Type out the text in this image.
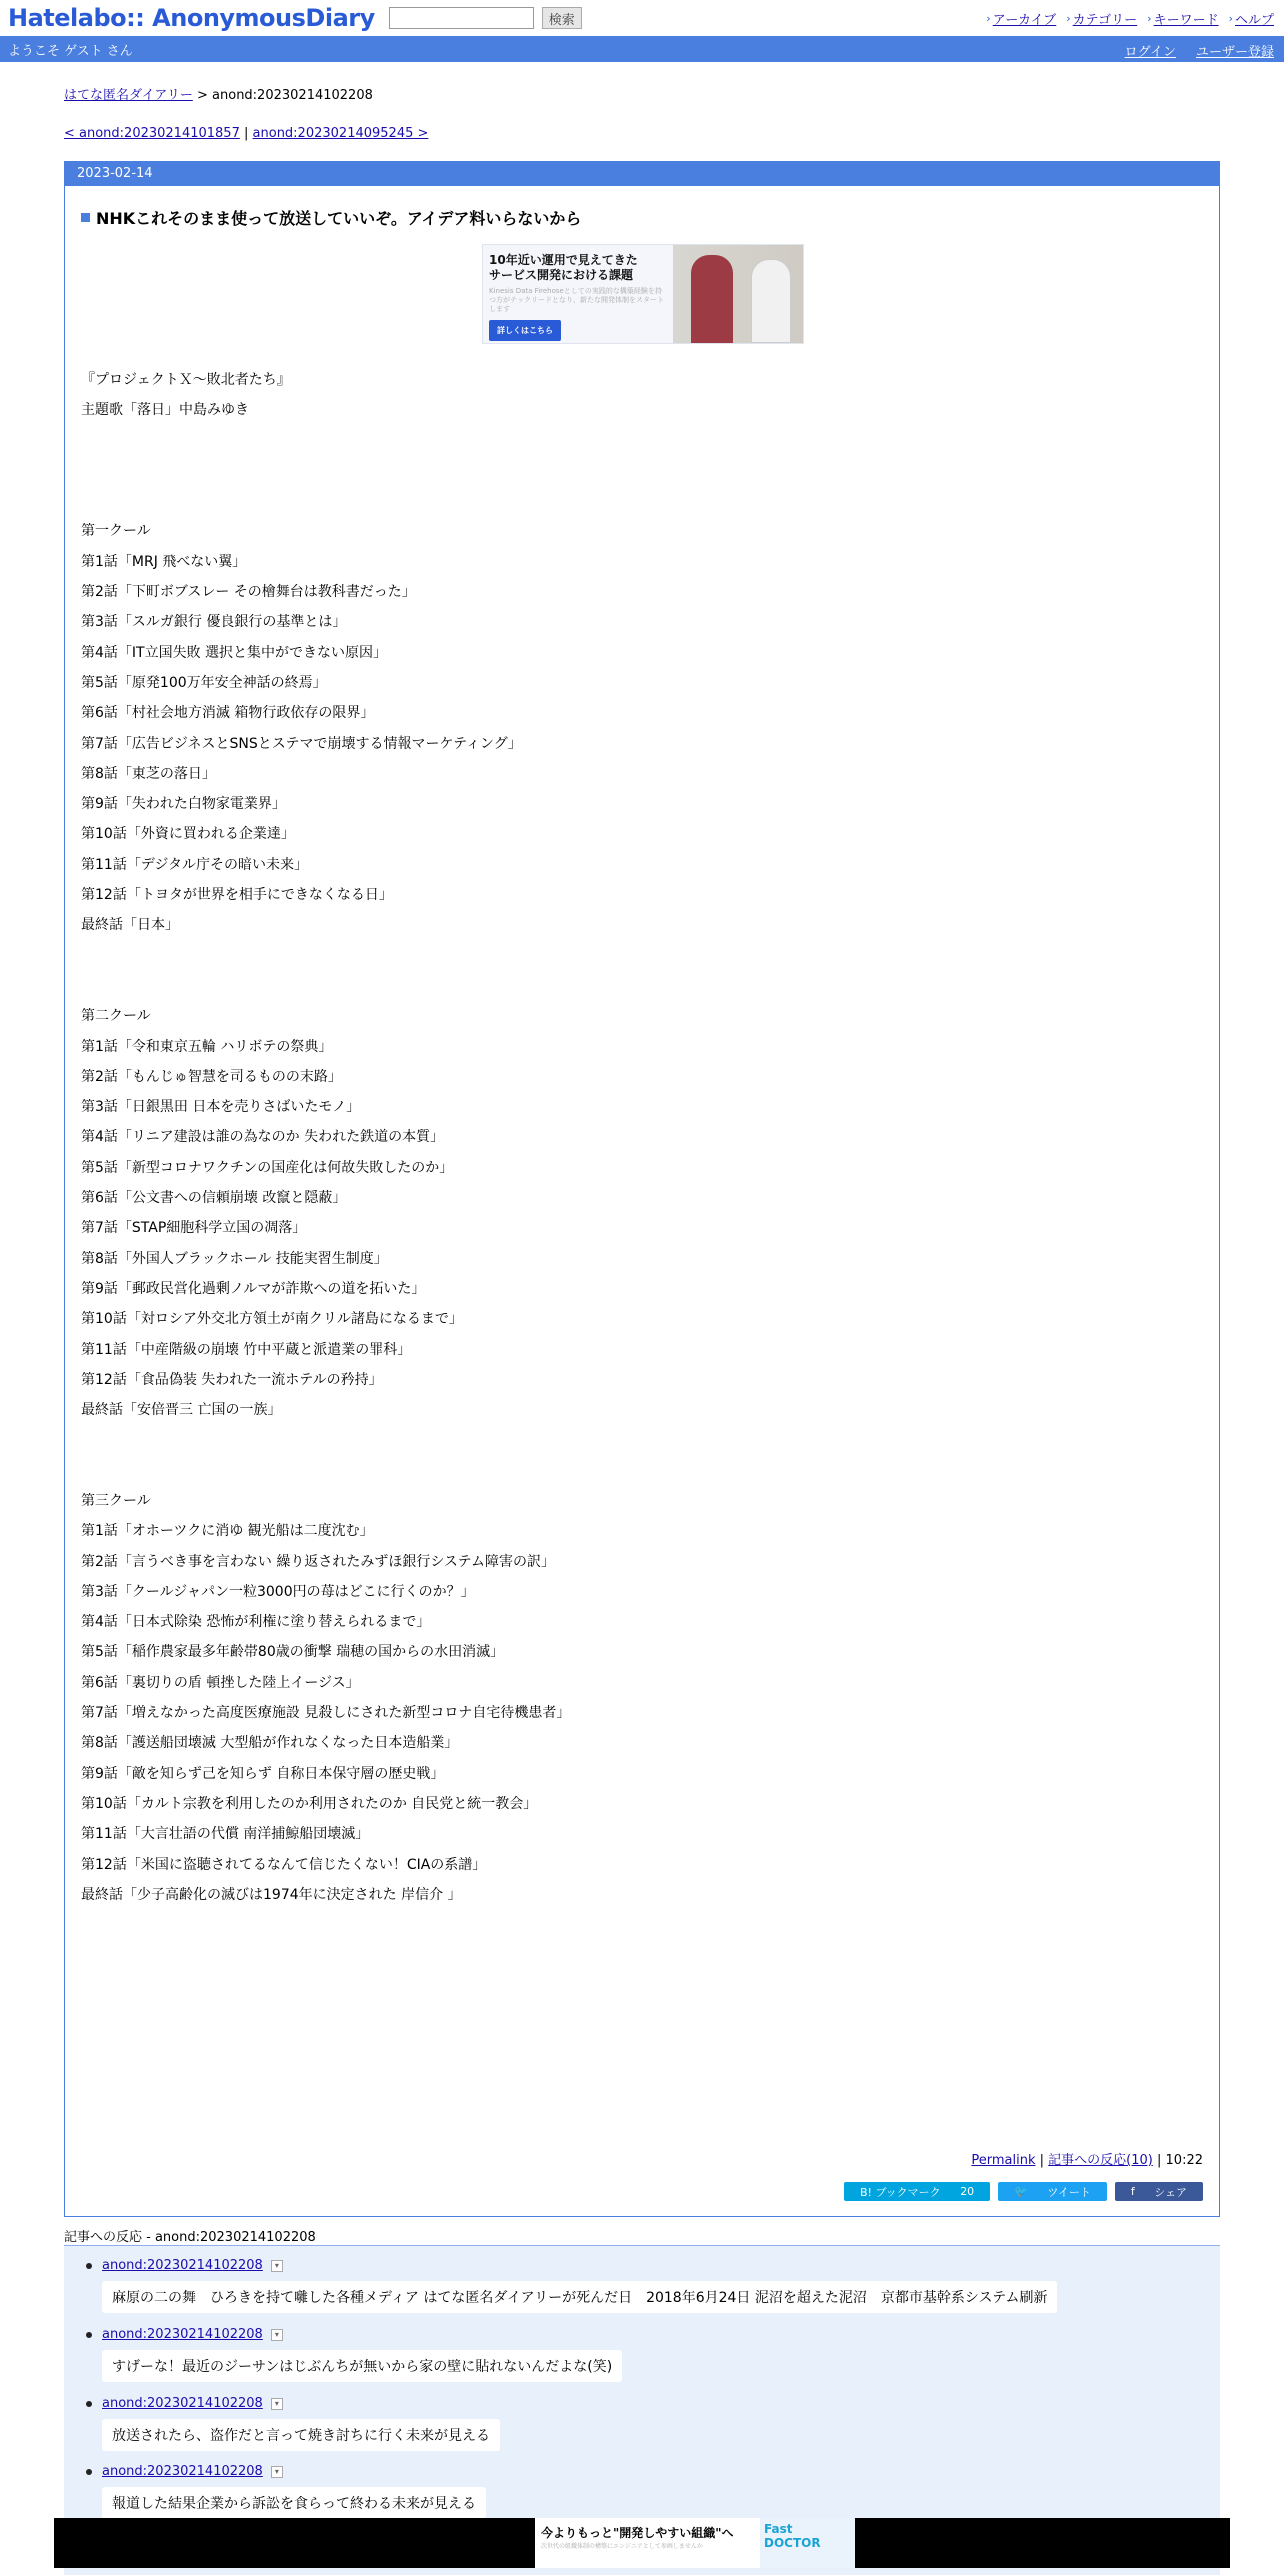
Hatelabo:: AnonymousDiary	検索	› アーカイブ › カテゴリー › キーワード › ヘルプ
ようこそ ゲスト さん	ログイン ユーザー登録
はてな匿名ダイアリー > anond:20230214102208
< anond:20230214101857 | anond:20230214095245 >
2023-02-14
NHKこれそのまま使って放送していいぞ。アイデア料いらないから
10年近い運用で見えてきた
サービス開発における課題
Kinesis Data Firehoseとしての実践的な構築経験を持つ方がテックリードとなり、新たな開発体制をスタートします
詳しくはこちら
『プロジェクトＸ～敗北者たち』
主題歌「落日」中島みゆき
第一クール
第1話「MRJ 飛べない翼」
第2話「下町ボブスレー その檜舞台は教科書だった」
第3話「スルガ銀行 優良銀行の基準とは」
第4話「IT立国失敗 選択と集中ができない原因」
第5話「原発100万年安全神話の終焉」
第6話「村社会地方消滅 箱物行政依存の限界」
第7話「広告ビジネスとSNSとステマで崩壊する情報マーケティング」
第8話「東芝の落日」
第9話「失われた白物家電業界」
第10話「外資に買われる企業達」
第11話「デジタル庁その暗い未来」
第12話「トヨタが世界を相手にできなくなる日」
最終話「日本」
第二クール
第1話「令和東京五輪 ハリボテの祭典」
第2話「もんじゅ智慧を司るものの末路」
第3話「日銀黒田 日本を売りさばいたモノ」
第4話「リニア建設は誰の為なのか 失われた鉄道の本質」
第5話「新型コロナワクチンの国産化は何故失敗したのか」
第6話「公文書への信頼崩壊 改竄と隠蔽」
第7話「STAP細胞科学立国の凋落」
第8話「外国人ブラックホール 技能実習生制度」
第9話「郵政民営化過剰ノルマが詐欺への道を拓いた」
第10話「対ロシア外交北方領土が南クリル諸島になるまで」
第11話「中産階級の崩壊 竹中平蔵と派遣業の罪科」
第12話「食品偽装 失われた一流ホテルの矜持」
最終話「安倍晋三 亡国の一族」
第三クール
第1話「オホーツクに消ゆ 観光船は二度沈む」
第2話「言うべき事を言わない 繰り返されたみずほ銀行システム障害の訳」
第3話「クールジャパン一粒3000円の苺はどこに行くのか？」
第4話「日本式除染 恐怖が利権に塗り替えられるまで」
第5話「稲作農家最多年齢帯80歳の衝撃 瑞穂の国からの水田消滅」
第6話「裏切りの盾 頓挫した陸上イージス」
第7話「増えなかった高度医療施設 見殺しにされた新型コロナ自宅待機患者」
第8話「護送船団壊滅 大型船が作れなくなった日本造船業」
第9話「敵を知らず己を知らず 自称日本保守層の歴史戦」
第10話「カルト宗教を利用したのか利用されたのか 自民党と統一教会」
第11話「大言壮語の代償 南洋捕鯨船団壊滅」
第12話「米国に盗聴されてるなんて信じたくない！CIAの系譜」
最終話「少子高齢化の滅びは1974年に決定された 岸信介 」
Permalink | 記事への反応(10) | 10:22
B! ブックマーク
	20	🐦	ツイート	f	シェア
記事への反応 - anond:20230214102208
anond:20230214102208	▾
麻原の二の舞　ひろきを持て囃した各種メディア はてな匿名ダイアリーが死んだ日　2018年6月24日 泥沼を超えた泥沼　京都市基幹系システム刷新
anond:20230214102208	▾
すげーな！最近のジーサンはじぶんちが無いから家の壁に貼れないんだよな(笑)
anond:20230214102208	▾
放送されたら、盗作だと言って焼き討ちに行く未来が見える
anond:20230214102208	▾
報道した結果企業から訴訟を食らって終わる未来が見える
今よりもっと"開発しやすい組織"へ
次世代の組織体制の構築にエンジニアとして参画しませんか
Fast DOCTOR
